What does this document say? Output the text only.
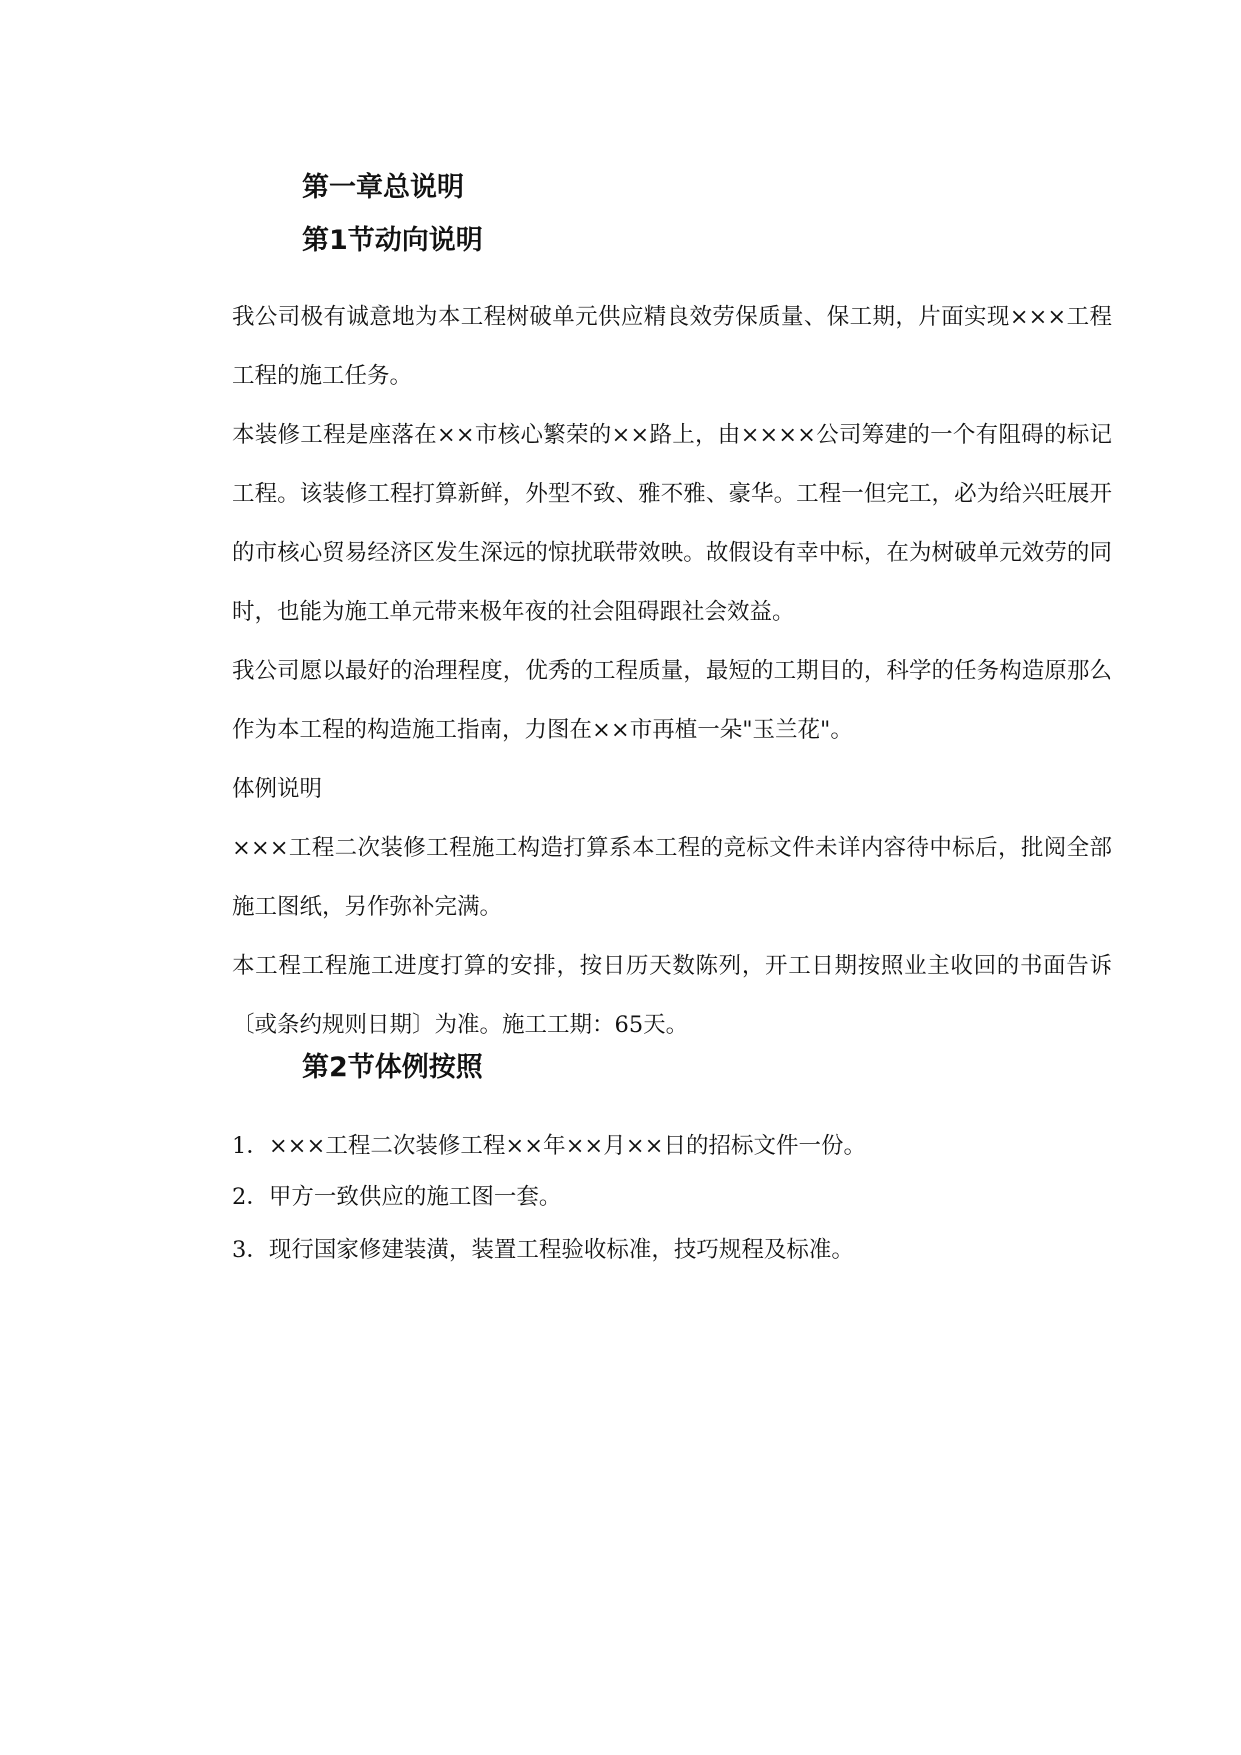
第一章总说明
第1节动向说明

我公司极有诚意地为本工程树破单元供应精良效劳保质量、保工期，片面实现×××工程工程的施工任务。

本装修工程是座落在××市核心繁荣的××路上，由××××公司筹建的一个有阻碍的标记工程。该装修工程打算新鲜，外型不致、雅不雅、豪华。工程一但完工，必为给兴旺展开的市核心贸易经济区发生深远的惊扰联带效映。故假设有幸中标，在为树破单元效劳的同时，也能为施工单元带来极年夜的社会阻碍跟社会效益。

我公司愿以最好的治理程度，优秀的工程质量，最短的工期目的，科学的任务构造原那么作为本工程的构造施工指南，力图在××市再植一朵"玉兰花"。

体例说明

×××工程二次装修工程施工构造打算系本工程的竞标文件未详内容待中标后，批阅全部施工图纸，另作弥补完满。

本工程工程施工进度打算的安排，按日历天数陈列，开工日期按照业主收回的书面告诉〔或条约规则日期〕为准。施工工期：65天。

第2节体例按照

1．×××工程二次装修工程××年××月××日的招标文件一份。

2．甲方一致供应的施工图一套。

3．现行国家修建装潢，装置工程验收标准，技巧规程及标准。
